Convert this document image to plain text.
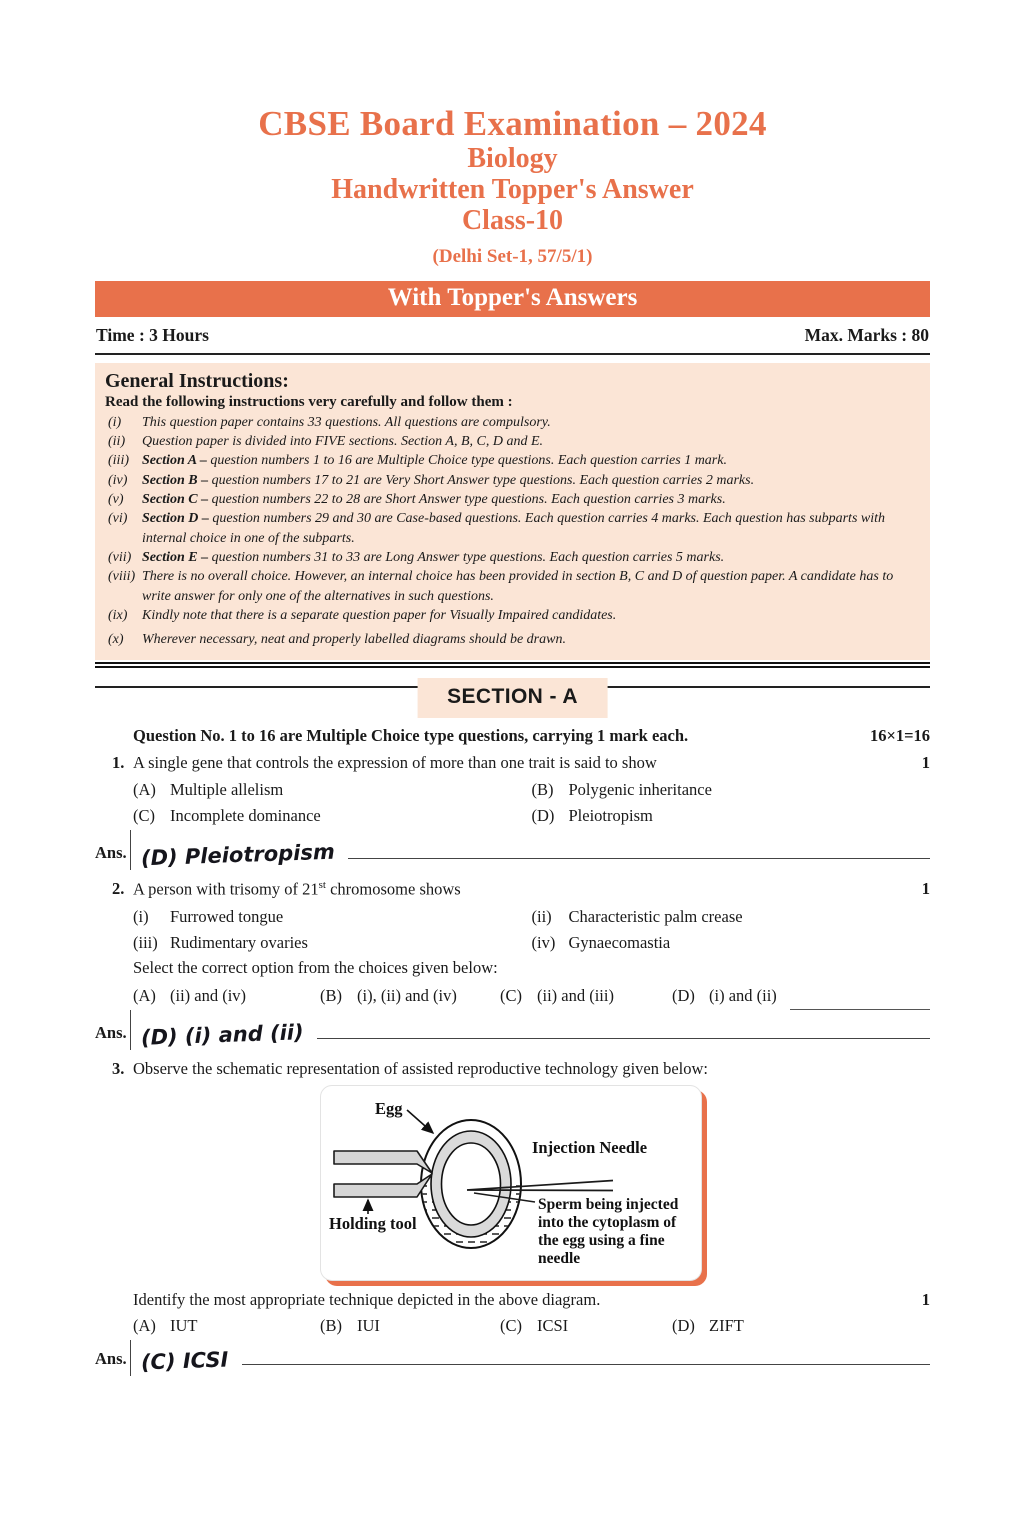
CBSE Board Examination – 2024
Biology
Handwritten Topper's Answer
Class-10
(Delhi Set-1, 57/5/1)
With Topper's Answers
Time : 3 Hours	Max. Marks : 80
General Instructions:
Read the following instructions very carefully and follow them :
(i)	This question paper contains 33 questions. All questions are compulsory.
(ii)	Question paper is divided into FIVE sections. Section A, B, C, D and E.
(iii) Section A – question numbers 1 to 16 are Multiple Choice type questions. Each question carries 1 mark.
(iv)	Section B – question numbers 17 to 21 are Very Short Answer type questions. Each question carries 2 marks.
(v)	Section C – question numbers 22 to 28 are Short Answer type questions. Each question carries 3 marks.
(vi)	Section D – question numbers 29 and 30 are Case-based questions. Each question carries 4 marks. Each question has subparts with internal choice in one of the subparts.
(vii) Section E – question numbers 31 to 33 are Long Answer type questions. Each question carries 5 marks.
(viii) There is no overall choice. However, an internal choice has been provided in section B, C and D of question paper. A candidate has to write answer for only one of the alternatives in such questions.
(ix)	Kindly note that there is a separate question paper for Visually Impaired candidates.
(x)	Wherever necessary, neat and properly labelled diagrams should be drawn.
SECTION - A
Question No. 1 to 16 are Multiple Choice type questions, carrying 1 mark each.	16×1=16
1. A single gene that controls the expression of more than one trait is said to show	1
(A) Multiple allelism	(B) Polygenic inheritance
(C) Incomplete dominance	(D) Pleiotropism
Ans. (D) Pleiotropism
2. A person with trisomy of 21st chromosome shows	1
(i)	Furrowed tongue	(ii)	Characteristic palm crease
(iii) Rudimentary ovaries	(iv) Gynaecomastia
Select the correct option from the choices given below:
(A) (ii) and (iv)	(B) (i), (ii) and (iv)	(C) (ii) and (iii)	(D) (i) and (ii)
Ans. (D) (i) and (ii)
3. Observe the schematic representation of assisted reproductive technology given below:
Egg
Injection Needle
Sperm being injected
into the cytoplasm of
the egg using a fine
needle
Holding tool
Identify the most appropriate technique depicted in the above diagram.	1
(A) IUT	(B) IUI	(C) ICSI	(D) ZIFT
Ans. (C) ICSI
